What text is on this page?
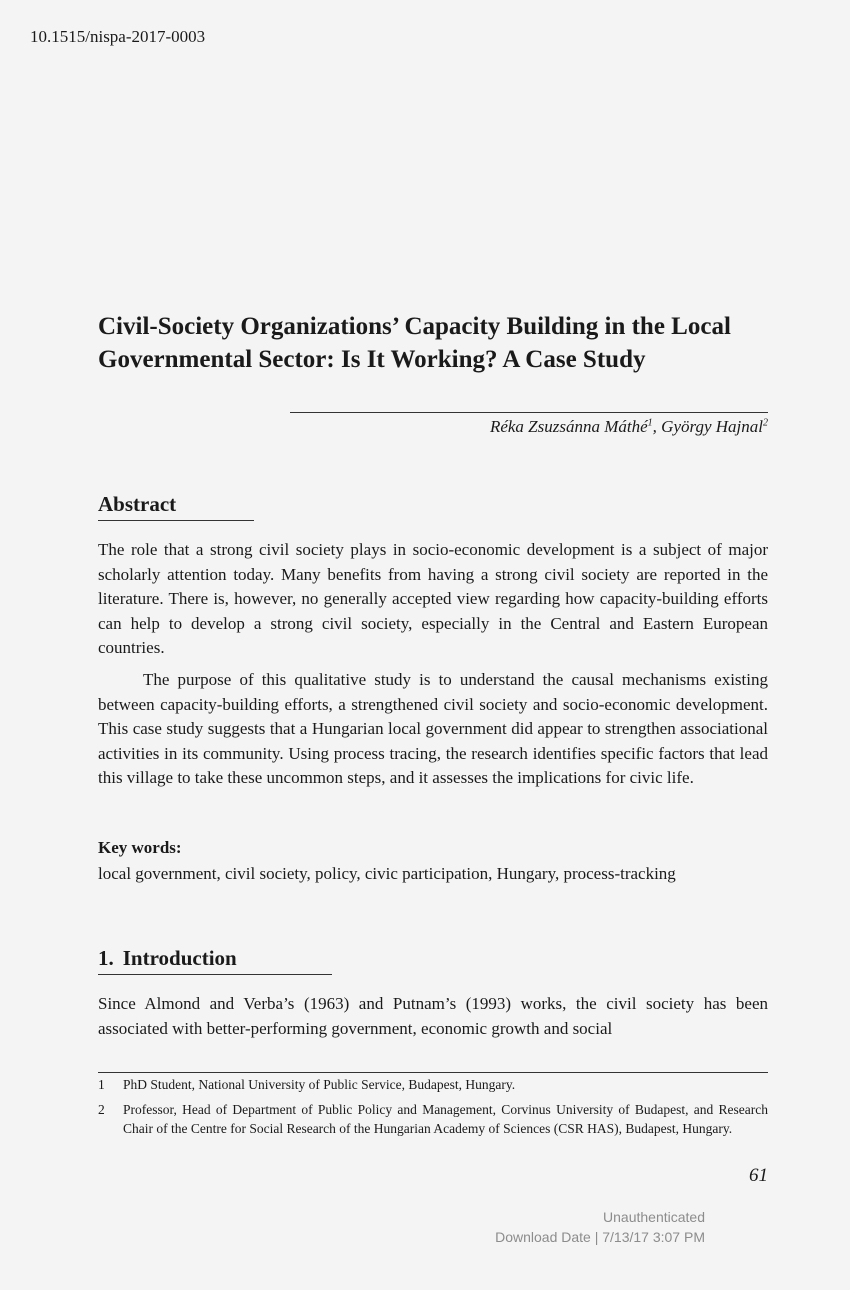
10.1515/nispa-2017-0003
Civil-Society Organizations’ Capacity Building in the Local Governmental Sector: Is It Working? A Case Study
Réka Zsuzsánna Máthé$^1$, György Hajnal$^2$
Abstract

The role that a strong civil society plays in socio-economic development is a subject of major scholarly attention today. Many benefits from having a strong civil society are reported in the literature. There is, however, no generally accepted view regarding how capacity-building efforts can help to develop a strong civil society, especially in the Central and Eastern European countries.

The purpose of this qualitative study is to understand the causal mechanisms existing between capacity-building efforts, a strengthened civil society and socio-economic development. This case study suggests that a Hungarian local government did appear to strengthen associational activities in its community. Using process tracing, the research identifies specific factors that lead this village to take these uncommon steps, and it assesses the implications for civic life.

Key words:

local government, civil society, policy, civic participation, Hungary, process-tracking

1. Introduction

Since Almond and Verba’s (1963) and Putnam’s (1993) works, the civil society has been associated with better-performing government, economic growth and social

1	PhD Student, National University of Public Service, Budapest, Hungary.
2	Professor, Head of Department of Public Policy and Management, Corvinus University of Budapest, and Research Chair of the Centre for Social Research of the Hungarian Academy of Sciences (CSR HAS), Budapest, Hungary.
61
Unauthenticated
Download Date | 7/13/17 3:07 PM
